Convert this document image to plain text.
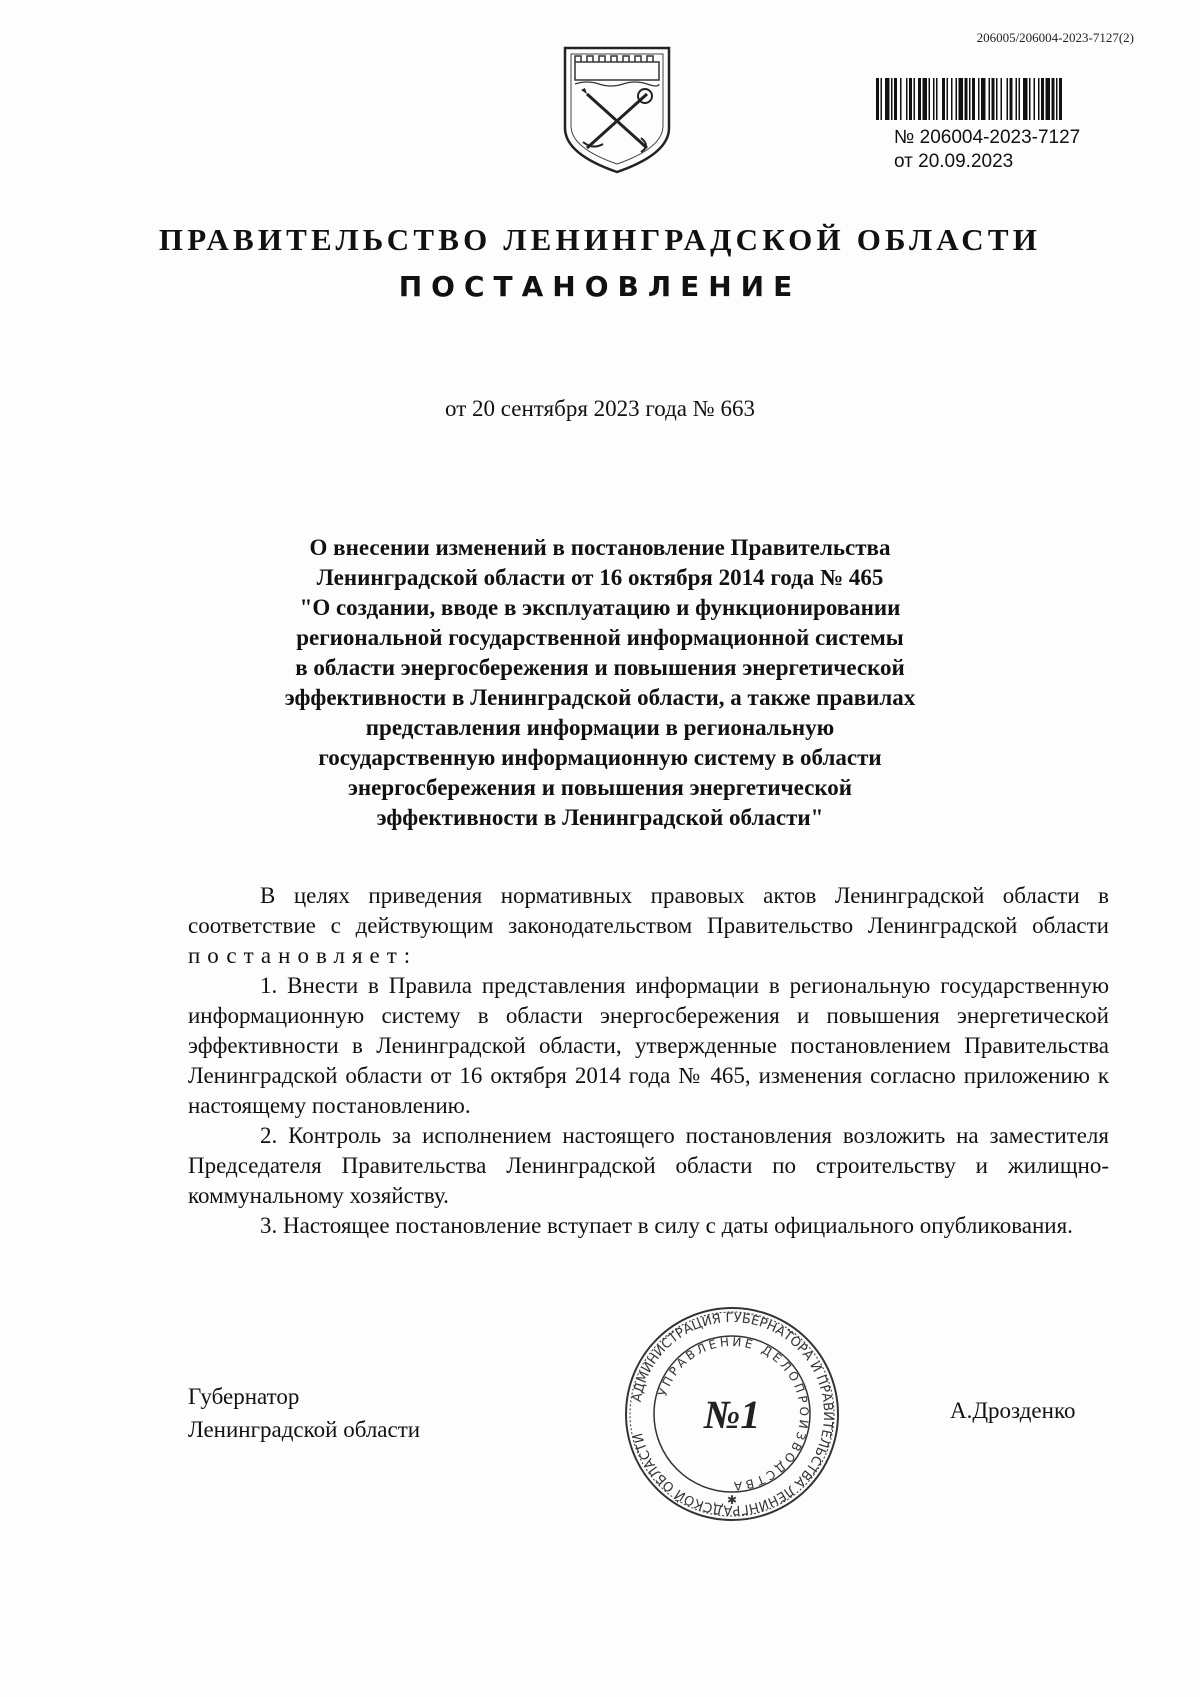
206005/206004-2023-7127(2)
№ 206004-2023-7127
от 20.09.2023
ПРАВИТЕЛЬСТВО ЛЕНИНГРАДСКОЙ ОБЛАСТИ
ПОСТАНОВЛЕНИЕ
от 20 сентября 2023 года № 663
О внесении изменений в постановление Правительства
Ленинградской области от 16 октября 2014 года № 465
"О создании, вводе в эксплуатацию и функционировании
региональной государственной информационной системы
в области энергосбережения и повышения энергетической
эффективности в Ленинградской области, а также правилах
представления информации в региональную
государственную информационную систему в области
энергосбережения и повышения энергетической
эффективности в Ленинградской области"

В целях приведения нормативных правовых актов Ленинградской области в соответствие с действующим законодательством Правительство Ленинградской области постановляет:

1. Внести в Правила представления информации в региональную государственную информационную систему в области энергосбережения и повышения энергетической эффективности в Ленинградской области, утвержденные постановлением Правительства Ленинградской области от 16 октября 2014 года № 465, изменения согласно приложению к настоящему постановлению.

2. Контроль за исполнением настоящего постановления возложить на заместителя Председателя Правительства Ленинградской области по строительству и жилищно-коммунальному хозяйству.

3. Настоящее постановление вступает в силу с даты официального опубликования.

Губернатор
Ленинградской области
АДМИНИСТРАЦИЯ ГУБЕРНАТОРА И ПРАВИТЕЛЬСТВА ЛЕНИНГРАДСКОЙ ОБЛАСТИ
УПРАВЛЕНИЕ ДЕЛОПРОИЗВОДСТВА
№1
✱
А.Дрозденко
